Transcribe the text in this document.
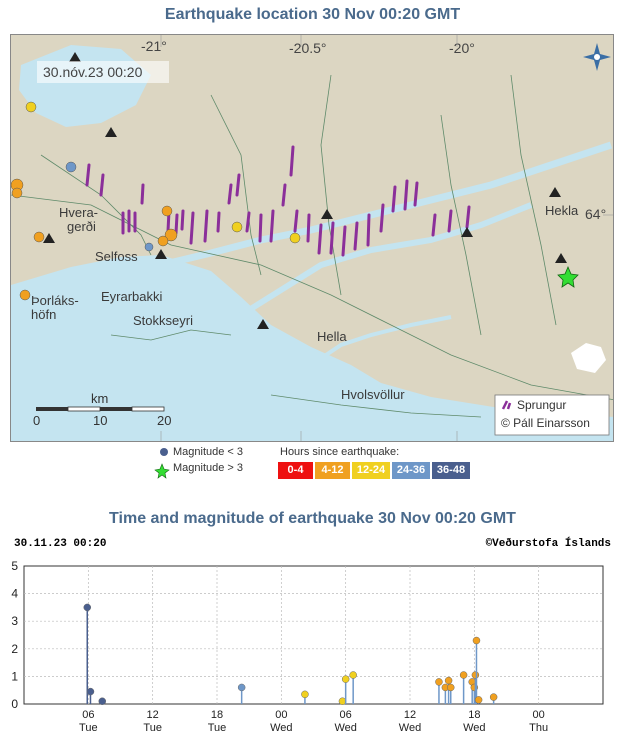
Earthquake location 30 Nov 00:20 GMT
-21°	-20.5°	-20°
64°
30.nóv.23 00:20
Hekla
Hvera-
gerði
Selfoss
Þorláks-
höfn
Eyrarbakki
Stokkseyri
Hella
Hvolsvöllur
km
0	10	20
Sprungur
© Páll Einarsson
Magnitude < 3
Magnitude > 3
Hours since earthquake:
0-4	4-12	12-24	24-36	36-48
Time and magnitude of earthquake 30 Nov 00:20 GMT
30.11.23 00:20	©Veðurstofa Íslands
0
1
2
3
4
5
06
Tue
12
Tue
18
Tue
00
Wed
06
Wed
12
Wed
18
Wed
00
Thu
